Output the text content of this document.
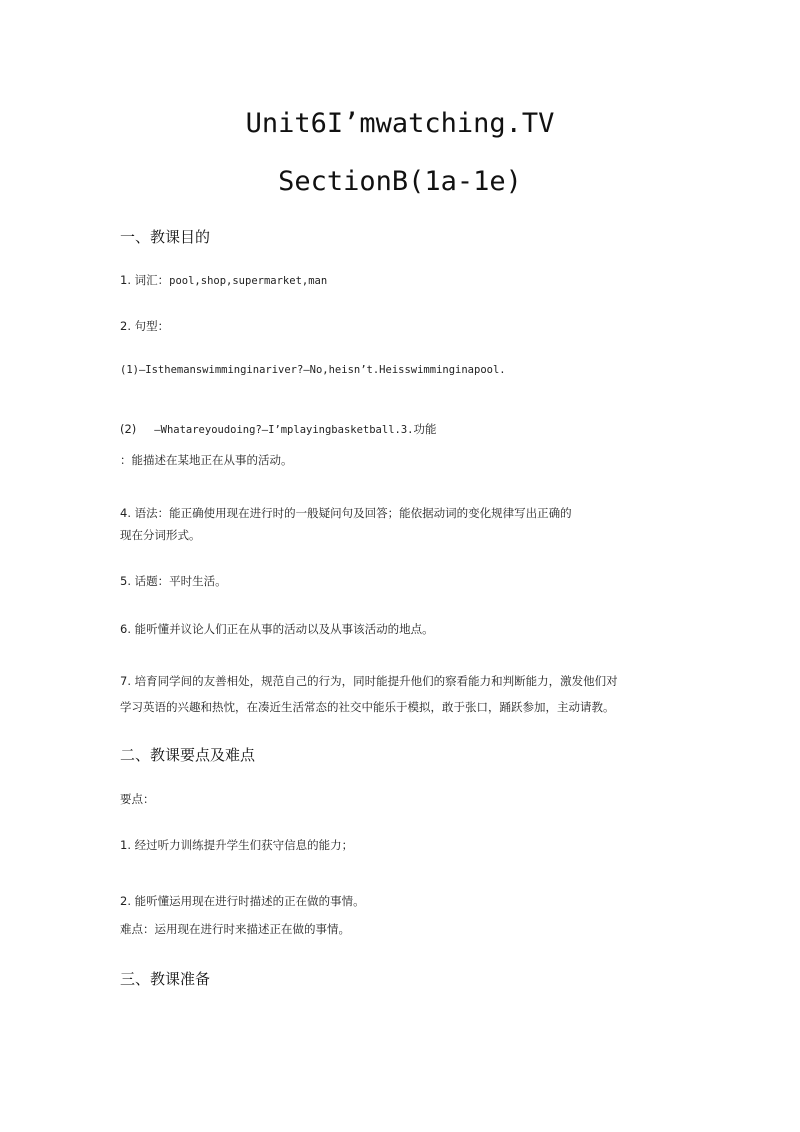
Unit6I’mwatching.TV
SectionB(1a-1e)
一、教课目的

1. 词汇：pool,shop,supermarket,man

2. 句型：

(1)—Isthemanswimminginariver?—No,heisn’t.Heisswimminginapool.

(2) —Whatareyoudoing?—I’mplayingbasketball.3.功能

：能描述在某地正在从事的活动。

4. 语法：能正确使用现在进行时的一般疑问句及回答；能依据动词的变化规律写出正确的

现在分词形式。

5. 话题：平时生活。

6. 能听懂并议论人们正在从事的活动以及从事该活动的地点。

7. 培育同学间的友善相处，规范自己的行为，同时能提升他们的察看能力和判断能力，激发他们对

学习英语的兴趣和热忱，在凑近生活常态的社交中能乐于模拟，敢于张口，踊跃参加，主动请教。

二、教课要点及难点

要点：

1. 经过听力训练提升学生们获守信息的能力；

2. 能听懂运用现在进行时描述的正在做的事情。

难点：运用现在进行时来描述正在做的事情。

三、教课准备
